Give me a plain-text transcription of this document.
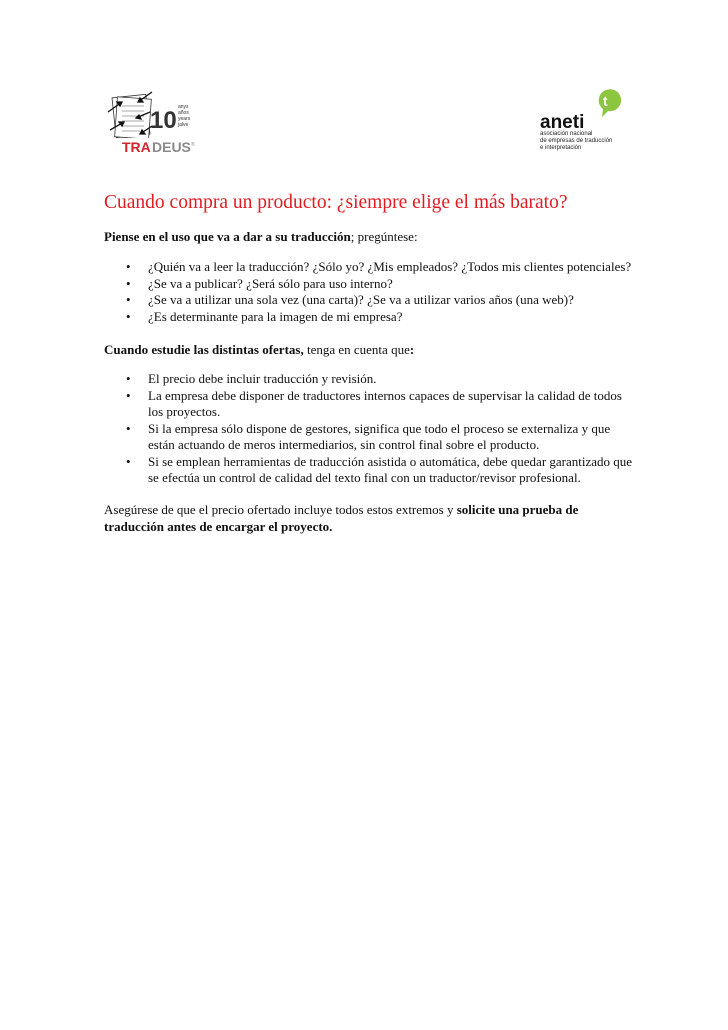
10 anys
años
years
jalve
TRA DEUS ®
t
aneti
asociación nacional
de empresas de traducción
e interpretación
Cuando compra un producto: ¿siempre elige el más barato?

Piense en el uso que va a dar a su traducción; pregúntese:

• ¿Quién va a leer la traducción? ¿Sólo yo? ¿Mis empleados? ¿Todos mis clientes potenciales?
• ¿Se va a publicar? ¿Será sólo para uso interno?
• ¿Se va a utilizar una sola vez (una carta)? ¿Se va a utilizar varios años (una web)?
• ¿Es determinante para la imagen de mi empresa?

Cuando estudie las distintas ofertas, tenga en cuenta que:

• El precio debe incluir traducción y revisión.
• La empresa debe disponer de traductores internos capaces de supervisar la calidad de todos los proyectos.
• Si la empresa sólo dispone de gestores, significa que todo el proceso se externaliza y que están actuando de meros intermediarios, sin control final sobre el producto.
• Si se emplean herramientas de traducción asistida o automática, debe quedar garantizado que se efectúa un control de calidad del texto final con un traductor/revisor profesional.

Asegúrese de que el precio ofertado incluye todos estos extremos y solicite una prueba de traducción antes de encargar el proyecto.
